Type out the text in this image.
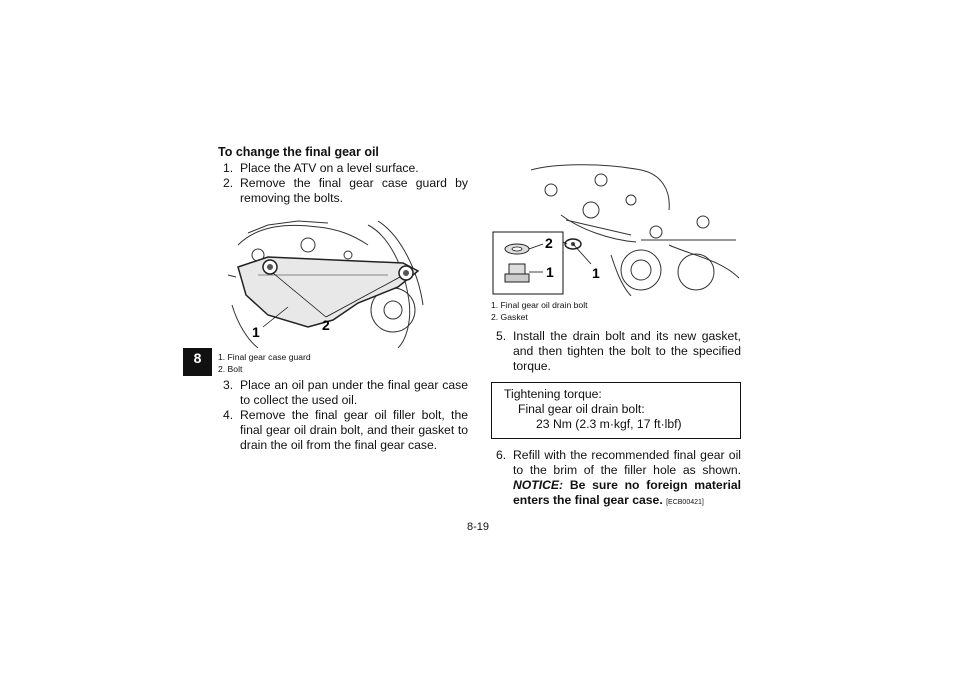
8
To change the final gear oil
1. Place the ATV on a level surface.
2. Remove the final gear case guard by removing the bolts.
1	2
1. Final gear case guard
2. Bolt
3. Place an oil pan under the final gear case to collect the used oil.
4. Remove the final gear oil filler bolt, the final gear oil drain bolt, and their gasket to drain the oil from the final gear case.
1
2
1
1. Final gear oil drain bolt
2. Gasket
5. Install the drain bolt and its new gasket, and then tighten the bolt to the specified torque.
Tightening torque:
Final gear oil drain bolt:
23 Nm (2.3 m·kgf, 17 ft·lbf)
6. Refill with the recommended final gear oil to the brim of the filler hole as shown. NOTICE: Be sure no foreign material enters the final gear case. [ECB00421]
8-19
